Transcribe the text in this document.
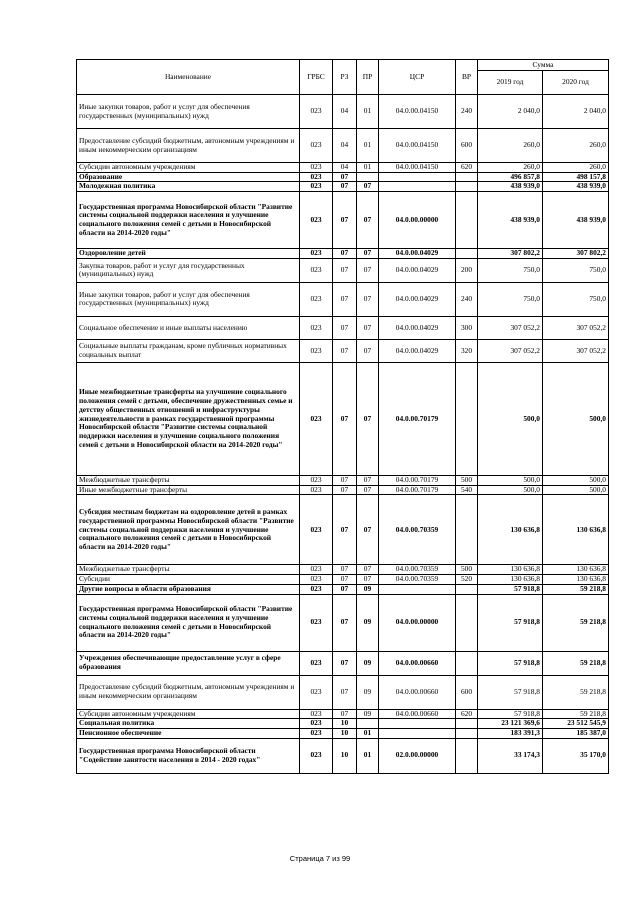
Наименование	ГРБС	РЗ	ПР	ЦСР	ВР	Сумма	
						2019 год	2020 год
Иные закупки товаров, работ и услуг для обеспечения государственных (муниципальных) нужд	023	04	01	04.0.00.04150	240	2 040,0	2 040,0
Предоставление субсидий бюджетным, автономным учреждениям и иным некоммерческим организациям	023	04	01	04.0.00.04150	600	260,0	260,0
Субсидии автономным учреждениям	023	04	01	04.0.00.04150	620	260,0	260,0
Образование	023	07				496 857,8	498 157,8
Молодежная политика	023	07	07			438 939,0	438 939,0
Государственная программа Новосибирской области "Развитие системы социальной поддержки населения и улучшение социального положения семей с детьми в Новосибирской области на 2014-2020 годы"	023	07	07	04.0.00.00000		438 939,0	438 939,0
Оздоровление детей	023	07	07	04.0.00.04029		307 802,2	307 802,2
Закупка товаров, работ и услуг для государственных (муниципальных) нужд	023	07	07	04.0.00.04029	200	750,0	750,0
Иные закупки товаров, работ и услуг для обеспечения государственных (муниципальных) нужд	023	07	07	04.0.00.04029	240	750,0	750,0
Социальное обеспечение и иные выплаты населению	023	07	07	04.0.00.04029	300	307 052,2	307 052,2
Социальные выплаты гражданам, кроме публичных нормативных социальных выплат	023	07	07	04.0.00.04029	320	307 052,2	307 052,2
Иные межбюджетные трансферты на улучшение социального положения семей с детьми, обеспечение дружественных семье и детству общественных отношений и инфраструктуры жизнедеятельности в рамках государственной программы Новосибирской области "Развитие системы социальной поддержки населения и улучшение социального положения семей с детьми в Новосибирской области на 2014-2020 годы"	023	07	07	04.0.00.70179		500,0	500,0
Межбюджетные трансферты	023	07	07	04.0.00.70179	500	500,0	500,0
Иные межбюджетные трансферты	023	07	07	04.0.00.70179	540	500,0	500,0
Субсидия местным бюджетам на оздоровление детей в рамках государственной программы Новосибирской области "Развитие системы социальной поддержки населения и улучшение социального положения семей с детьми в Новосибирской области на 2014-2020 годы"	023	07	07	04.0.00.70359		130 636,8	130 636,8
Межбюджетные трансферты	023	07	07	04.0.00.70359	500	130 636,8	130 636,8
Субсидии	023	07	07	04.0.00.70359	520	130 636,8	130 636,8
Другие вопросы в области образования	023	07	09			57 918,8	59 218,8
Государственная программа Новосибирской области "Развитие системы социальной поддержки населения и улучшение социального положения семей с детьми в Новосибирской области на 2014-2020 годы"	023	07	09	04.0.00.00000		57 918,8	59 218,8
Учреждения обеспечивающие предоставление услуг в сфере образования	023	07	09	04.0.00.00660		57 918,8	59 218,8
Предоставление субсидий бюджетным, автономным учреждениям и иным некоммерческим организациям	023	07	09	04.0.00.00660	600	57 918,8	59 218,8
Субсидии автономным учреждениям	023	07	09	04.0.00.00660	620	57 918,8	59 218,8
Социальная политика	023	10				23 121 369,6	23 512 545,9
Пенсионное обеспечение	023	10	01			183 391,3	185 387,0
Государственная программа Новосибирской области "Содействие занятости населения в 2014 - 2020 годах"	023	10	01	02.0.00.00000		33 174,3	35 170,0
Страница 7 из 99
